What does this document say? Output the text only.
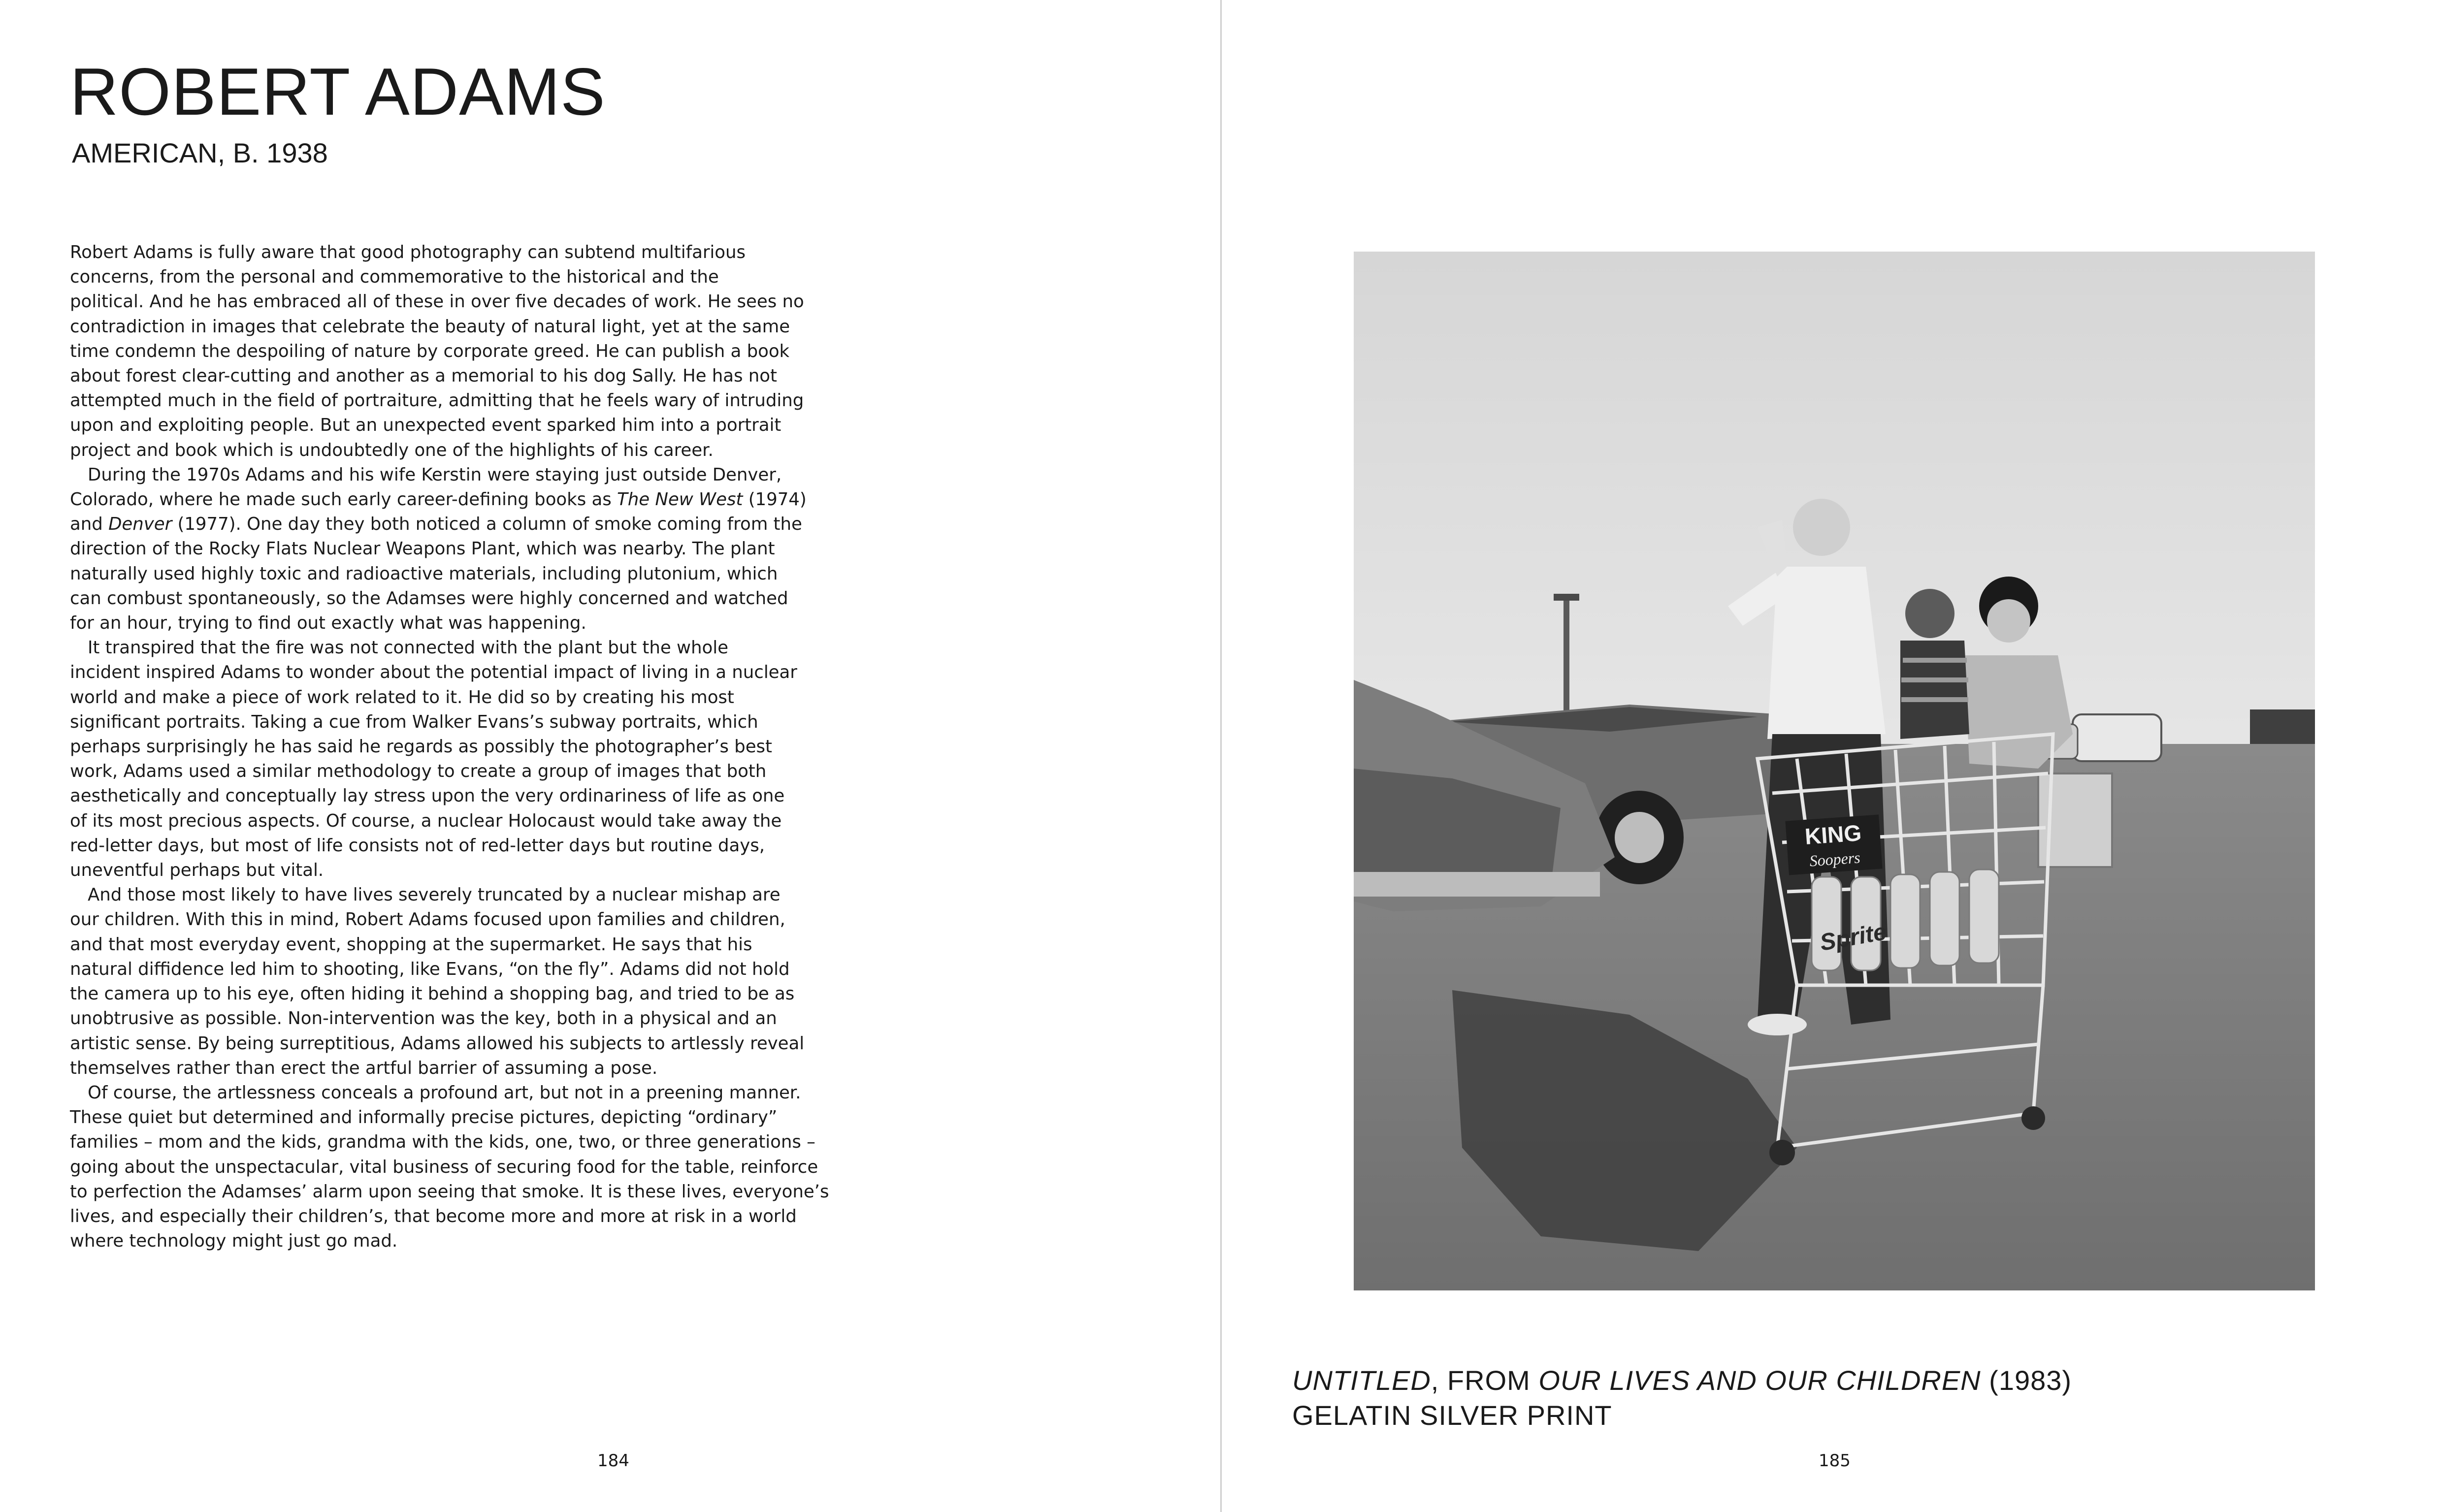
ROBERT ADAMS
AMERICAN, B. 1938

Robert Adams is fully aware that good photography can subtend multifarious
concerns, from the personal and commemorative to the historical and the
political. And he has embraced all of these in over five decades of work. He sees no
contradiction in images that celebrate the beauty of natural light, yet at the same
time condemn the despoiling of nature by corporate greed. He can publish a book
about forest clear-cutting and another as a memorial to his dog Sally. He has not
attempted much in the field of portraiture, admitting that he feels wary of intruding
upon and exploiting people. But an unexpected event sparked him into a portrait
project and book which is undoubtedly one of the highlights of his career.

During the 1970s Adams and his wife Kerstin were staying just outside Denver,
Colorado, where he made such early career-defining books as The New West (1974)
and Denver (1977). One day they both noticed a column of smoke coming from the
direction of the Rocky Flats Nuclear Weapons Plant, which was nearby. The plant
naturally used highly toxic and radioactive materials, including plutonium, which
can combust spontaneously, so the Adamses were highly concerned and watched
for an hour, trying to find out exactly what was happening.

It transpired that the fire was not connected with the plant but the whole
incident inspired Adams to wonder about the potential impact of living in a nuclear
world and make a piece of work related to it. He did so by creating his most
significant portraits. Taking a cue from Walker Evans’s subway portraits, which
perhaps surprisingly he has said he regards as possibly the photographer’s best
work, Adams used a similar methodology to create a group of images that both
aesthetically and conceptually lay stress upon the very ordinariness of life as one
of its most precious aspects. Of course, a nuclear Holocaust would take away the
red-letter days, but most of life consists not of red-letter days but routine days,
uneventful perhaps but vital.

And those most likely to have lives severely truncated by a nuclear mishap are
our children. With this in mind, Robert Adams focused upon families and children,
and that most everyday event, shopping at the supermarket. He says that his
natural diffidence led him to shooting, like Evans, “on the fly”. Adams did not hold
the camera up to his eye, often hiding it behind a shopping bag, and tried to be as
unobtrusive as possible. Non-intervention was the key, both in a physical and an
artistic sense. By being surreptitious, Adams allowed his subjects to artlessly reveal
themselves rather than erect the artful barrier of assuming a pose.

Of course, the artlessness conceals a profound art, but not in a preening manner.
These quiet but determined and informally precise pictures, depicting “ordinary”
families – mom and the kids, grandma with the kids, one, two, or three generations –
going about the unspectacular, vital business of securing food for the table, reinforce
to perfection the Adamses’ alarm upon seeing that smoke. It is these lives, everyone’s
lives, and especially their children’s, that become more and more at risk in a world
where technology might just go mad.

184
KING
Soopers
Sprite
UNTITLED, FROM OUR LIVES AND OUR CHILDREN (1983)
GELATIN SILVER PRINT
185
